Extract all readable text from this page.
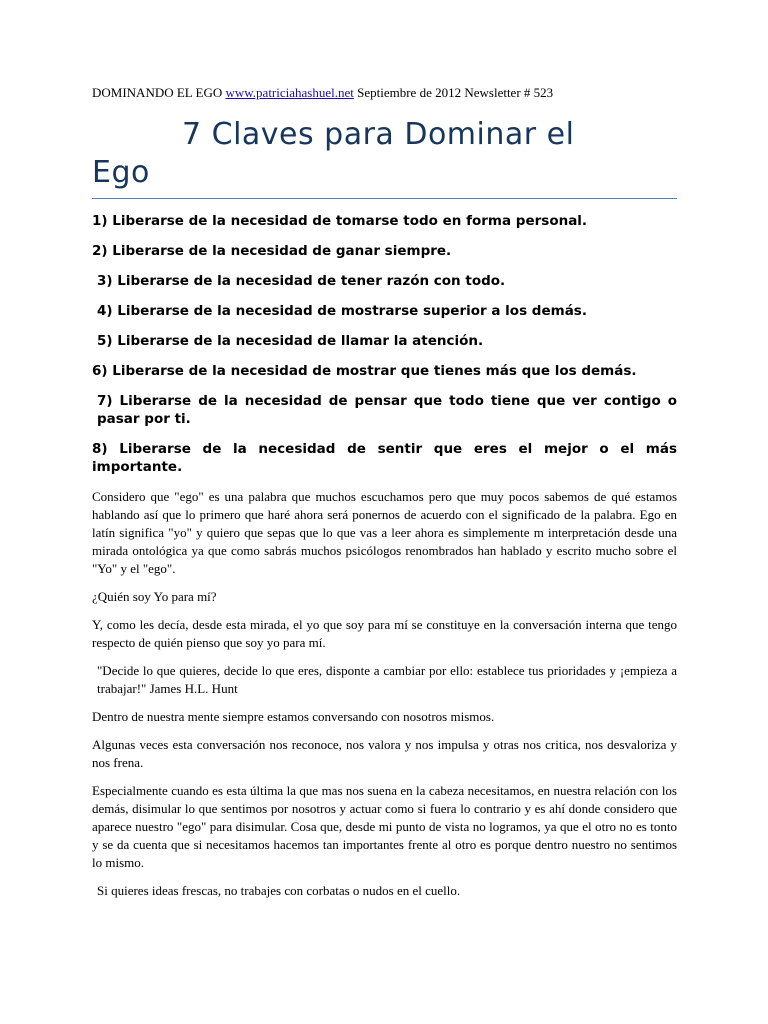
DOMINANDO EL EGO www.patriciahashuel.net Septiembre de 2012 Newsletter # 523
7 Claves para Dominar el
Ego

1) Liberarse de la necesidad de tomarse todo en forma personal.

2) Liberarse de la necesidad de ganar siempre.

3) Liberarse de la necesidad de tener razón con todo.

4) Liberarse de la necesidad de mostrarse superior a los demás.

5) Liberarse de la necesidad de llamar la atención.

6) Liberarse de la necesidad de mostrar que tienes más que los demás.

7) Liberarse de la necesidad de pensar que todo tiene que ver contigo o pasar por ti.

8) Liberarse de la necesidad de sentir que eres el mejor o el más importante.

Considero que "ego" es una palabra que muchos escuchamos pero que muy pocos sabemos de qué estamos hablando así que lo primero que haré ahora será ponernos de acuerdo con el significado de la palabra. Ego en latín significa "yo" y quiero que sepas que lo que vas a leer ahora es simplemente m interpretación desde una mirada ontológica ya que como sabrás muchos psicólogos renombrados han hablado y escrito mucho sobre el "Yo" y el "ego".

¿Quién soy Yo para mí?

Y, como les decía, desde esta mirada, el yo que soy para mí se constituye en la conversación interna que tengo respecto de quién pienso que soy yo para mí.

"Decide lo que quieres, decide lo que eres, disponte a cambiar por ello: establece tus prioridades y ¡empieza a trabajar!" James H.L. Hunt

Dentro de nuestra mente siempre estamos conversando con nosotros mismos.

Algunas veces esta conversación nos reconoce, nos valora y nos impulsa y otras nos critica, nos desvaloriza y nos frena.

Especialmente cuando es esta última la que mas nos suena en la cabeza necesitamos, en nuestra relación con los demás, disimular lo que sentimos por nosotros y actuar como si fuera lo contrario y es ahí donde considero que aparece nuestro "ego" para disimular. Cosa que, desde mi punto de vista no logramos, ya que el otro no es tonto y se da cuenta que si necesitamos hacemos tan importantes frente al otro es porque dentro nuestro no sentimos lo mismo.

Si quieres ideas frescas, no trabajes con corbatas o nudos en el cuello.
